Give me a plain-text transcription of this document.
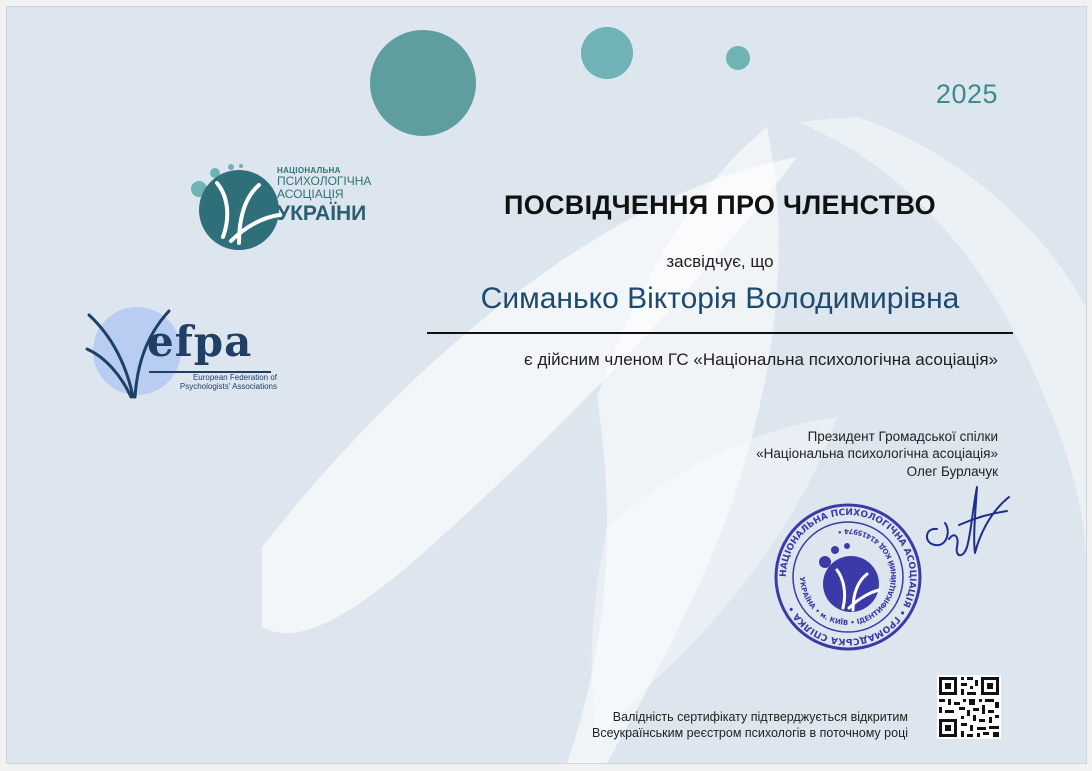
2025
НАЦІОНАЛЬНА
ПСИХОЛОГІЧНА
АСОЦІАЦІЯ
УКРАЇНИ
efpa
European Federation of
Psychologists' Associations
ПОСВІДЧЕННЯ ПРО ЧЛЕНСТВО
засвідчує, що
Симанько Вікторія Володимирівна
є дійсним членом ГС «Національна психологічна асоціація»
Президент Громадської спілки
«Національна психологічна асоціація»
Олег Бурлачук
НАЦІОНАЛЬНА ПСИХОЛОГІЧНА АСОЦІАЦІЯ • ГРОМАДСЬКА СПІЛКА •
УКРАЇНА • м. КИЇВ • ІДЕНТИФІКАЦІЙНИЙ КОД 41415974 •
Валідність сертифікату підтверджується відкритим
Всеукраїнським реєстром психологів в поточному році
